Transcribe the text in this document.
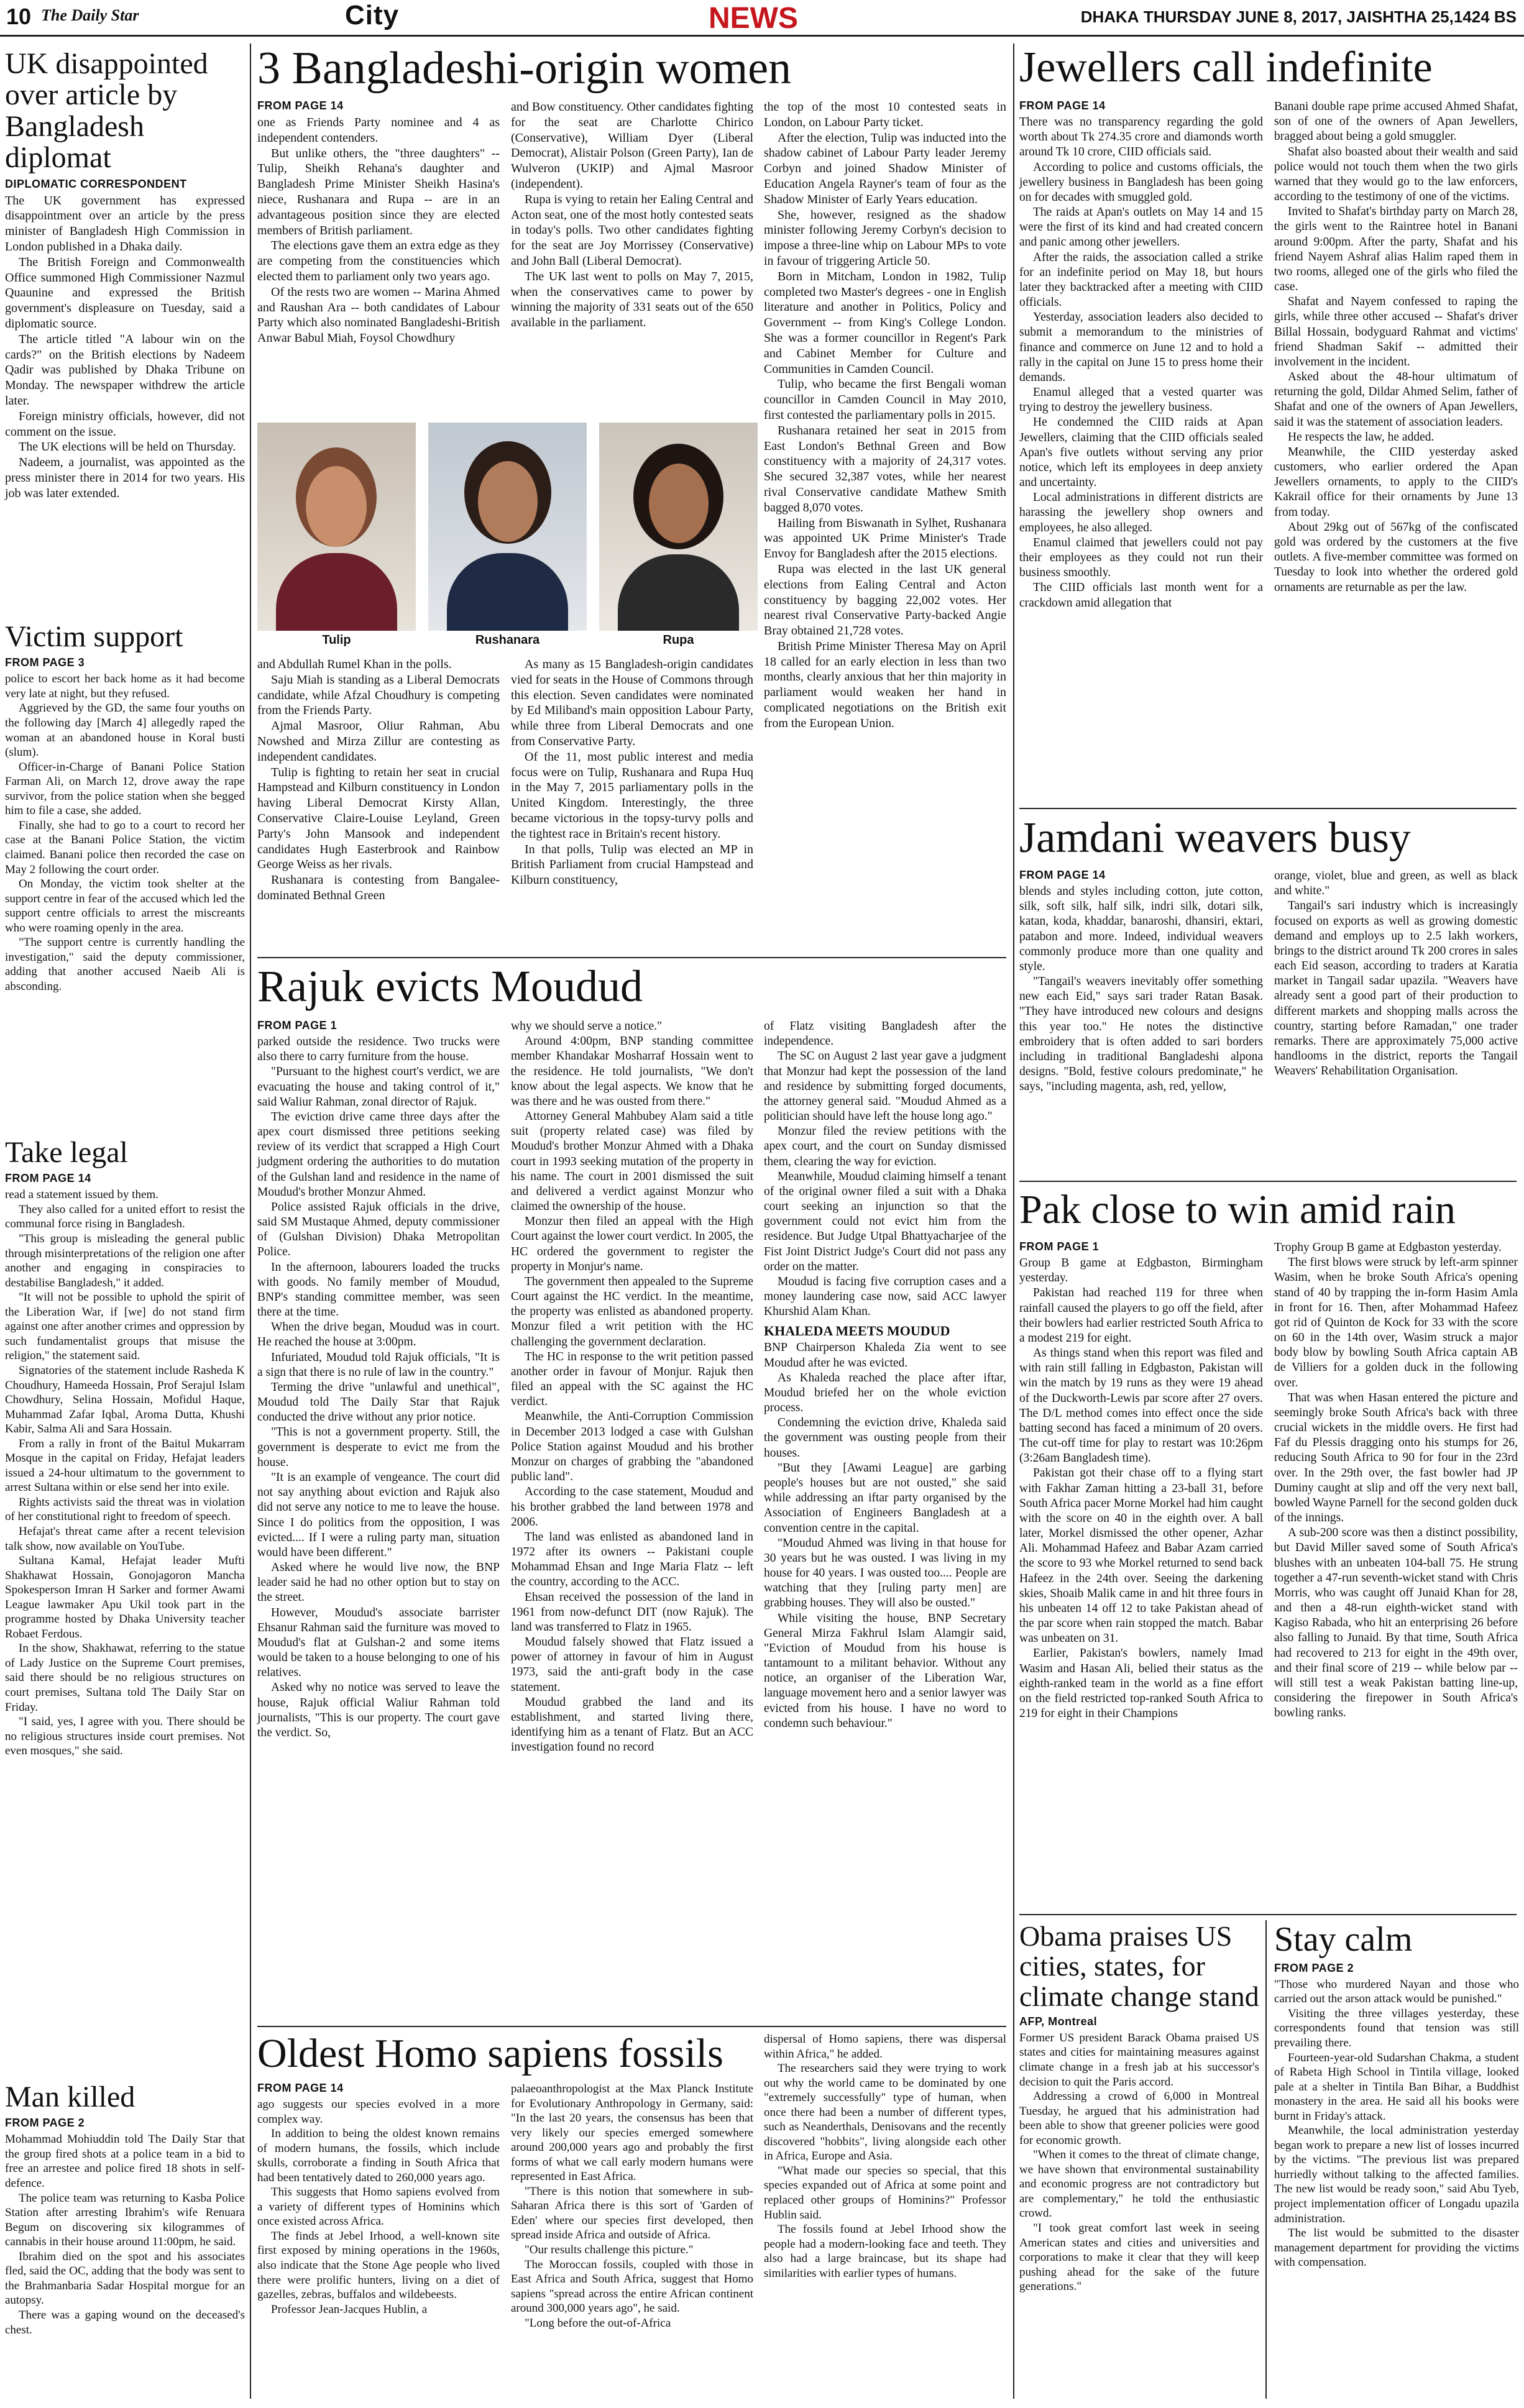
10 The Daily Star	City	NEWS	DHAKA THURSDAY JUNE 8, 2017, JAISHTHA 25,1424 BS
UK disappointed over article by Bangladesh diplomat
DIPLOMATIC CORRESPONDENT

The UK government has expressed disappointment over an article by the press minister of Bangladesh High Commission in London published in a Dhaka daily.

The British Foreign and Commonwealth Office summoned High Commissioner Nazmul Quaunine and expressed the British government's displeasure on Tuesday, said a diplomatic source.

The article titled "A labour win on the cards?" on the British elections by Nadeem Qadir was published by Dhaka Tribune on Monday. The newspaper withdrew the article later.

Foreign ministry officials, however, did not comment on the issue.

The UK elections will be held on Thursday.

Nadeem, a journalist, was appointed as the press minister there in 2014 for two years. His job was later extended.

Victim support
FROM PAGE 3

police to escort her back home as it had become very late at night, but they refused.

Aggrieved by the GD, the same four youths on the following day [March 4] allegedly raped the woman at an abandoned house in Koral busti (slum).

Officer-in-Charge of Banani Police Station Farman Ali, on March 12, drove away the rape survivor, from the police station when she begged him to file a case, she added.

Finally, she had to go to a court to record her case at the Banani Police Station, the victim claimed. Banani police then recorded the case on May 2 following the court order.

On Monday, the victim took shelter at the support centre in fear of the accused which led the support centre officials to arrest the miscreants who were roaming openly in the area.

"The support centre is currently handling the investigation," said the deputy commissioner, adding that another accused Naeib Ali is absconding.

Take legal
FROM PAGE 14

read a statement issued by them.

They also called for a united effort to resist the communal force rising in Bangladesh.

"This group is misleading the general public through misinterpretations of the religion one after another and engaging in conspiracies to destabilise Bangladesh," it added.

"It will not be possible to uphold the spirit of the Liberation War, if [we] do not stand firm against one after another crimes and oppression by such fundamentalist groups that misuse the religion," the statement said.

Signatories of the statement include Rasheda K Choudhury, Hameeda Hossain, Prof Serajul Islam Chowdhury, Selina Hossain, Mofidul Haque, Muhammad Zafar Iqbal, Aroma Dutta, Khushi Kabir, Salma Ali and Sara Hossain.

From a rally in front of the Baitul Mukarram Mosque in the capital on Friday, Hefajat leaders issued a 24-hour ultimatum to the government to arrest Sultana within or else send her into exile.

Rights activists said the threat was in violation of her constitutional right to freedom of speech.

Hefajat's threat came after a recent television talk show, now available on YouTube.

Sultana Kamal, Hefajat leader Mufti Shakhawat Hossain, Gonojagoron Mancha Spokesperson Imran H Sarker and former Awami League lawmaker Apu Ukil took part in the programme hosted by Dhaka University teacher Robaet Ferdous.

In the show, Shakhawat, referring to the statue of Lady Justice on the Supreme Court premises, said there should be no religious structures on court premises, Sultana told The Daily Star on Friday.

"I said, yes, I agree with you. There should be no religious structures inside court premises. Not even mosques," she said.

Man killed
FROM PAGE 2

Mohammad Mohiuddin told The Daily Star that the group fired shots at a police team in a bid to free an arrestee and police fired 18 shots in self-defence.

The police team was returning to Kasba Police Station after arresting Ibrahim's wife Renuara Begum on discovering six kilogrammes of cannabis in their house around 11:00pm, he said.

Ibrahim died on the spot and his associates fled, said the OC, adding that the body was sent to the Brahmanbaria Sadar Hospital morgue for an autopsy.

There was a gaping wound on the deceased's chest.

3 Bangladeshi-origin women
FROM PAGE 14

one as Friends Party nominee and 4 as independent contenders.

But unlike others, the "three daughters" -- Tulip, Sheikh Rehana's daughter and Bangladesh Prime Minister Sheikh Hasina's niece, Rushanara and Rupa -- are in an advantageous position since they are elected members of British parliament.

The elections gave them an extra edge as they are competing from the constituencies which elected them to parliament only two years ago.

Of the rests two are women -- Marina Ahmed and Raushan Ara -- both candidates of Labour Party which also nominated Bangladeshi-British Anwar Babul Miah, Foysol Chowdhury

and Bow constituency. Other candidates fighting for the seat are Charlotte Chirico (Conservative), William Dyer (Liberal Democrat), Alistair Polson (Green Party), Ian de Wulveron (UKIP) and Ajmal Masroor (independent).

Rupa is vying to retain her Ealing Central and Acton seat, one of the most hotly contested seats in today's polls. Two other candidates fighting for the seat are Joy Morrissey (Conservative) and John Ball (Liberal Democrat).

The UK last went to polls on May 7, 2015, when the conservatives came to power by winning the majority of 331 seats out of the 650 available in the parliament.

the top of the most 10 contested seats in London, on Labour Party ticket.

After the election, Tulip was inducted into the shadow cabinet of Labour Party leader Jeremy Corbyn and joined Shadow Minister of Education Angela Rayner's team of four as the Shadow Minister of Early Years education.

She, however, resigned as the shadow minister following Jeremy Corbyn's decision to impose a three-line whip on Labour MPs to vote in favour of triggering Article 50.

Born in Mitcham, London in 1982, Tulip completed two Master's degrees - one in English literature and another in Politics, Policy and Government -- from King's College London. She was a former councillor in Regent's Park and Cabinet Member for Culture and Communities in Camden Council.

Tulip, who became the first Bengali woman councillor in Camden Council in May 2010, first contested the parliamentary polls in 2015.

Rushanara retained her seat in 2015 from East London's Bethnal Green and Bow constituency with a majority of 24,317 votes. She secured 32,387 votes, while her nearest rival Conservative candidate Mathew Smith bagged 8,070 votes.

Hailing from Biswanath in Sylhet, Rushanara was appointed UK Prime Minister's Trade Envoy for Bangladesh after the 2015 elections.

Rupa was elected in the last UK general elections from Ealing Central and Acton constituency by bagging 22,002 votes. Her nearest rival Conservative Party-backed Angie Bray obtained 21,728 votes.

British Prime Minister Theresa May on April 18 called for an early election in less than two months, clearly anxious that her thin majority in parliament would weaken her hand in complicated negotiations on the British exit from the European Union.

Tulip	Rushanara	Rupa

and Abdullah Rumel Khan in the polls.

Saju Miah is standing as a Liberal Democrats candidate, while Afzal Choudhury is competing from the Friends Party.

Ajmal Masroor, Oliur Rahman, Abu Nowshed and Mirza Zillur are contesting as independent candidates.

Tulip is fighting to retain her seat in crucial Hampstead and Kilburn constituency in London having Liberal Democrat Kirsty Allan, Conservative Claire-Louise Leyland, Green Party's John Mansook and independent candidates Hugh Easterbrook and Rainbow George Weiss as her rivals.

Rushanara is contesting from Bangalee-dominated Bethnal Green

As many as 15 Bangladesh-origin candidates vied for seats in the House of Commons through this election. Seven candidates were nominated by Ed Miliband's main opposition Labour Party, while three from Liberal Democrats and one from Conservative Party.

Of the 11, most public interest and media focus were on Tulip, Rushanara and Rupa Huq in the May 7, 2015 parliamentary polls in the United Kingdom. Interestingly, the three became victorious in the topsy-turvy polls and the tightest race in Britain's recent history.

In that polls, Tulip was elected an MP in British Parliament from crucial Hampstead and Kilburn constituency,

Rajuk evicts Moudud
FROM PAGE 1

parked outside the residence. Two trucks were also there to carry furniture from the house.

"Pursuant to the highest court's verdict, we are evacuating the house and taking control of it," said Waliur Rahman, zonal director of Rajuk.

The eviction drive came three days after the apex court dismissed three petitions seeking review of its verdict that scrapped a High Court judgment ordering the authorities to do mutation of the Gulshan land and residence in the name of Moudud's brother Monzur Ahmed.

Police assisted Rajuk officials in the drive, said SM Mustaque Ahmed, deputy commissioner of (Gulshan Division) Dhaka Metropolitan Police.

In the afternoon, labourers loaded the trucks with goods. No family member of Moudud, BNP's standing committee member, was seen there at the time.

When the drive began, Moudud was in court. He reached the house at 3:00pm.

Infuriated, Moudud told Rajuk officials, "It is a sign that there is no rule of law in the country."

Terming the drive "unlawful and unethical", Moudud told The Daily Star that Rajuk conducted the drive without any prior notice.

"This is not a government property. Still, the government is desperate to evict me from the house.

"It is an example of vengeance. The court did not say anything about eviction and Rajuk also did not serve any notice to me to leave the house. Since I do politics from the opposition, I was evicted.... If I were a ruling party man, situation would have been different."

Asked where he would live now, the BNP leader said he had no other option but to stay on the street.

However, Moudud's associate barrister Ehsanur Rahman said the furniture was moved to Moudud's flat at Gulshan-2 and some items would be taken to a house belonging to one of his relatives.

Asked why no notice was served to leave the house, Rajuk official Waliur Rahman told journalists, "This is our property. The court gave the verdict. So,

why we should serve a notice."

Around 4:00pm, BNP standing committee member Khandakar Mosharraf Hossain went to the residence. He told journalists, "We don't know about the legal aspects. We know that he was there and he was ousted from there."

Attorney General Mahbubey Alam said a title suit (property related case) was filed by Moudud's brother Monzur Ahmed with a Dhaka court in 1993 seeking mutation of the property in his name. The court in 2001 dismissed the suit and delivered a verdict against Monzur who claimed the ownership of the house.

Monzur then filed an appeal with the High Court against the lower court verdict. In 2005, the HC ordered the government to register the property in Monjur's name.

The government then appealed to the Supreme Court against the HC verdict. In the meantime, the property was enlisted as abandoned property. Monzur filed a writ petition with the HC challenging the government declaration.

The HC in response to the writ petition passed another order in favour of Monjur. Rajuk then filed an appeal with the SC against the HC verdict.

Meanwhile, the Anti-Corruption Commission in December 2013 lodged a case with Gulshan Police Station against Moudud and his brother Monzur on charges of grabbing the "abandoned public land".

According to the case statement, Moudud and his brother grabbed the land between 1978 and 2006.

The land was enlisted as abandoned land in 1972 after its owners -- Pakistani couple Mohammad Ehsan and Inge Maria Flatz -- left the country, according to the ACC.

Ehsan received the possession of the land in 1961 from now-defunct DIT (now Rajuk). The land was transferred to Flatz in 1965.

Moudud falsely showed that Flatz issued a power of attorney in favour of him in August 1973, said the anti-graft body in the case statement.

Moudud grabbed the land and its establishment, and started living there, identifying him as a tenant of Flatz. But an ACC investigation found no record

of Flatz visiting Bangladesh after the independence.

The SC on August 2 last year gave a judgment that Monzur had kept the possession of the land and residence by submitting forged documents, the attorney general said. "Moudud Ahmed as a politician should have left the house long ago."

Monzur filed the review petitions with the apex court, and the court on Sunday dismissed them, clearing the way for eviction.

Meanwhile, Moudud claiming himself a tenant of the original owner filed a suit with a Dhaka court seeking an injunction so that the government could not evict him from the residence. But Judge Utpal Bhattyacharjee of the Fist Joint District Judge's Court did not pass any order on the matter.

Moudud is facing five corruption cases and a money laundering case now, said ACC lawyer Khurshid Alam Khan.

KHALEDA MEETS MOUDUD

BNP Chairperson Khaleda Zia went to see Moudud after he was evicted.

As Khaleda reached the place after iftar, Moudud briefed her on the whole eviction process.

Condemning the eviction drive, Khaleda said the government was ousting people from their houses.

"But they [Awami League] are garbing people's houses but are not ousted," she said while addressing an iftar party organised by the Association of Engineers Bangladesh at a convention centre in the capital.

"Moudud Ahmed was living in that house for 30 years but he was ousted. I was living in my house for 40 years. I was ousted too.... People are watching that they [ruling party men] are grabbing houses. They will also be ousted."

While visiting the house, BNP Secretary General Mirza Fakhrul Islam Alamgir said, "Eviction of Moudud from his house is tantamount to a militant behavior. Without any notice, an organiser of the Liberation War, language movement hero and a senior lawyer was evicted from his house. I have no word to condemn such behaviour."

Oldest Homo sapiens fossils
FROM PAGE 14

ago suggests our species evolved in a more complex way.

In addition to being the oldest known remains of modern humans, the fossils, which include skulls, corroborate a finding in South Africa that had been tentatively dated to 260,000 years ago.

This suggests that Homo sapiens evolved from a variety of different types of Hominins which once existed across Africa.

The finds at Jebel Irhood, a well-known site first exposed by mining operations in the 1960s, also indicate that the Stone Age people who lived there were prolific hunters, living on a diet of gazelles, zebras, buffalos and wildebeests.

Professor Jean-Jacques Hublin, a

palaeoanthropologist at the Max Planck Institute for Evolutionary Anthropology in Germany, said: "In the last 20 years, the consensus has been that very likely our species emerged somewhere around 200,000 years ago and probably the first forms of what we call early modern humans were represented in East Africa.

"There is this notion that somewhere in sub-Saharan Africa there is this sort of 'Garden of Eden' where our species first developed, then spread inside Africa and outside of Africa.

"Our results challenge this picture."

The Moroccan fossils, coupled with those in East Africa and South Africa, suggest that Homo sapiens "spread across the entire African continent around 300,000 years ago", he said.

"Long before the out-of-Africa

dispersal of Homo sapiens, there was dispersal within Africa," he added.

The researchers said they were trying to work out why the world came to be dominated by one "extremely successfully" type of human, when once there had been a number of different types, such as Neanderthals, Denisovans and the recently discovered "hobbits", living alongside each other in Africa, Europe and Asia.

"What made our species so special, that this species expanded out of Africa at some point and replaced other groups of Hominins?" Professor Hublin said.

The fossils found at Jebel Irhood show the people had a modern-looking face and teeth. They also had a large braincase, but its shape had similarities with earlier types of humans.

Jewellers call indefinite
FROM PAGE 14

There was no transparency regarding the gold worth about Tk 274.35 crore and diamonds worth around Tk 10 crore, CIID officials said.

According to police and customs officials, the jewellery business in Bangladesh has been going on for decades with smuggled gold.

The raids at Apan's outlets on May 14 and 15 were the first of its kind and had created concern and panic among other jewellers.

After the raids, the association called a strike for an indefinite period on May 18, but hours later they backtracked after a meeting with CIID officials.

Yesterday, association leaders also decided to submit a memorandum to the ministries of finance and commerce on June 12 and to hold a rally in the capital on June 15 to press home their demands.

Enamul alleged that a vested quarter was trying to destroy the jewellery business.

He condemned the CIID raids at Apan Jewellers, claiming that the CIID officials sealed Apan's five outlets without serving any prior notice, which left its employees in deep anxiety and uncertainty.

Local administrations in different districts are harassing the jewellery shop owners and employees, he also alleged.

Enamul claimed that jewellers could not pay their employees as they could not run their business smoothly.

The CIID officials last month went for a crackdown amid allegation that

Banani double rape prime accused Ahmed Shafat, son of one of the owners of Apan Jewellers, bragged about being a gold smuggler.

Shafat also boasted about their wealth and said police would not touch them when the two girls warned that they would go to the law enforcers, according to the testimony of one of the victims.

Invited to Shafat's birthday party on March 28, the girls went to the Raintree hotel in Banani around 9:00pm. After the party, Shafat and his friend Nayem Ashraf alias Halim raped them in two rooms, alleged one of the girls who filed the case.

Shafat and Nayem confessed to raping the girls, while three other accused -- Shafat's driver Billal Hossain, bodyguard Rahmat and victims' friend Shadman Sakif -- admitted their involvement in the incident.

Asked about the 48-hour ultimatum of returning the gold, Dildar Ahmed Selim, father of Shafat and one of the owners of Apan Jewellers, said it was the statement of association leaders.

He respects the law, he added.

Meanwhile, the CIID yesterday asked customers, who earlier ordered the Apan Jewellers ornaments, to apply to the CIID's Kakrail office for their ornaments by June 13 from today.

About 29kg out of 567kg of the confiscated gold was ordered by the customers at the five outlets. A five-member committee was formed on Tuesday to look into whether the ordered gold ornaments are returnable as per the law.

Jamdani weavers busy
FROM PAGE 14

blends and styles including cotton, jute cotton, silk, soft silk, half silk, indri silk, dotari silk, katan, koda, khaddar, banaroshi, dhansiri, ektari, patabon and more. Indeed, individual weavers commonly produce more than one quality and style.

"Tangail's weavers inevitably offer something new each Eid," says sari trader Ratan Basak. "They have introduced new colours and designs this year too." He notes the distinctive embroidery that is often added to sari borders including in traditional Bangladeshi alpona designs. "Bold, festive colours predominate," he says, "including magenta, ash, red, yellow,

orange, violet, blue and green, as well as black and white."

Tangail's sari industry which is increasingly focused on exports as well as growing domestic demand and employs up to 2.5 lakh workers, brings to the district around Tk 200 crores in sales each Eid season, according to traders at Karatia market in Tangail sadar upazila. "Weavers have already sent a good part of their production to different markets and shopping malls across the country, starting before Ramadan," one trader remarks. There are approximately 75,000 active handlooms in the district, reports the Tangail Weavers' Rehabilitation Organisation.

Pak close to win amid rain
FROM PAGE 1

Group B game at Edgbaston, Birmingham yesterday.

Pakistan had reached 119 for three when rainfall caused the players to go off the field, after their bowlers had earlier restricted South Africa to a modest 219 for eight.

As things stand when this report was filed and with rain still falling in Edgbaston, Pakistan will win the match by 19 runs as they were 19 ahead of the Duckworth-Lewis par score after 27 overs. The D/L method comes into effect once the side batting second has faced a minimum of 20 overs. The cut-off time for play to restart was 10:26pm (3:26am Bangladesh time).

Pakistan got their chase off to a flying start with Fakhar Zaman hitting a 23-ball 31, before South Africa pacer Morne Morkel had him caught with the score on 40 in the eighth over. A ball later, Morkel dismissed the other opener, Azhar Ali. Mohammad Hafeez and Babar Azam carried the score to 93 whe Morkel returned to send back Hafeez in the 24th over. Seeing the darkening skies, Shoaib Malik came in and hit three fours in his unbeaten 14 off 12 to take Pakistan ahead of the par score when rain stopped the match. Babar was unbeaten on 31.

Earlier, Pakistan's bowlers, namely Imad Wasim and Hasan Ali, belied their status as the eighth-ranked team in the world as a fine effort on the field restricted top-ranked South Africa to 219 for eight in their Champions

Trophy Group B game at Edgbaston yesterday.

The first blows were struck by left-arm spinner Wasim, when he broke South Africa's opening stand of 40 by trapping the in-form Hasim Amla in front for 16. Then, after Mohammad Hafeez got rid of Quinton de Kock for 33 with the score on 60 in the 14th over, Wasim struck a major body blow by bowling South Africa captain AB de Villiers for a golden duck in the following over.

That was when Hasan entered the picture and seemingly broke South Africa's back with three crucial wickets in the middle overs. He first had Faf du Plessis dragging onto his stumps for 26, reducing South Africa to 90 for four in the 23rd over. In the 29th over, the fast bowler had JP Duminy caught at slip and off the very next ball, bowled Wayne Parnell for the second golden duck of the innings.

A sub-200 score was then a distinct possibility, but David Miller saved some of South Africa's blushes with an unbeaten 104-ball 75. He strung together a 47-run seventh-wicket stand with Chris Morris, who was caught off Junaid Khan for 28, and then a 48-run eighth-wicket stand with Kagiso Rabada, who hit an enterprising 26 before also falling to Junaid. By that time, South Africa had recovered to 213 for eight in the 49th over, and their final score of 219 -- while below par -- will still test a weak Pakistan batting line-up, considering the firepower in South Africa's bowling ranks.

Obama praises US cities, states, for climate change stand
AFP, Montreal

Former US president Barack Obama praised US states and cities for maintaining measures against climate change in a fresh jab at his successor's decision to quit the Paris accord.

Addressing a crowd of 6,000 in Montreal Tuesday, he argued that his administration had been able to show that greener policies were good for economic growth.

"When it comes to the threat of climate change, we have shown that environmental sustainability and economic progress are not contradictory but are complementary," he told the enthusiastic crowd.

"I took great comfort last week in seeing American states and cities and universities and corporations to make it clear that they will keep pushing ahead for the sake of the future generations."

Stay calm
FROM PAGE 2

"Those who murdered Nayan and those who carried out the arson attack would be punished."

Visiting the three villages yesterday, these correspondents found that tension was still prevailing there.

Fourteen-year-old Sudarshan Chakma, a student of Rabeta High School in Tintila village, looked pale at a shelter in Tintila Ban Bihar, a Buddhist monastery in the area. He said all his books were burnt in Friday's attack.

Meanwhile, the local administration yesterday began work to prepare a new list of losses incurred by the victims. "The previous list was prepared hurriedly without talking to the affected families. The new list would be ready soon," said Abu Tyeb, project implementation officer of Longadu upazila administration.

The list would be submitted to the disaster management department for providing the victims with compensation.
